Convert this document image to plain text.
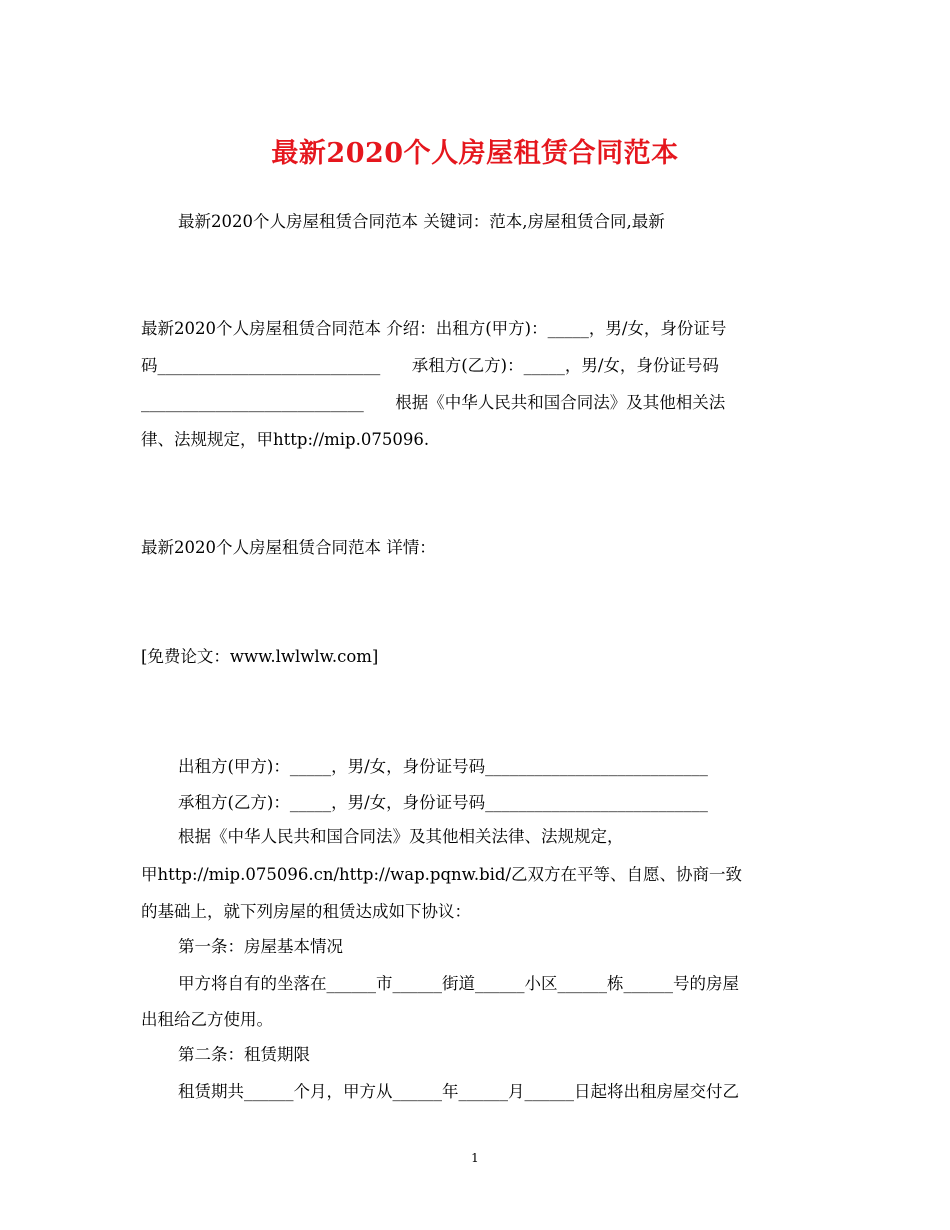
最新2020个人房屋租赁合同范本
最新2020个人房屋租赁合同范本 关键词：范本,房屋租赁合同,最新
最新2020个人房屋租赁合同范本 介绍：出租方(甲方)：_____，男/女，身份证号
码___________________________      承租方(乙方)：_____，男/女，身份证号码
___________________________      根据《中华人民共和国合同法》及其他相关法
律、法规规定，甲http://mip.075096.
最新2020个人房屋租赁合同范本 详情：
[免费论文：www.lwlwlw.com]
出租方(甲方)：_____，男/女，身份证号码___________________________
承租方(乙方)：_____，男/女，身份证号码___________________________
根据《中华人民共和国合同法》及其他相关法律、法规规定，
甲http://mip.075096.cn/http://wap.pqnw.bid/乙双方在平等、自愿、协商一致
的基础上，就下列房屋的租赁达成如下协议：
第一条：房屋基本情况
甲方将自有的坐落在______市______街道______小区______栋______号的房屋
出租给乙方使用。
第二条：租赁期限
租赁期共______个月，甲方从______年______月______日起将出租房屋交付乙
1
